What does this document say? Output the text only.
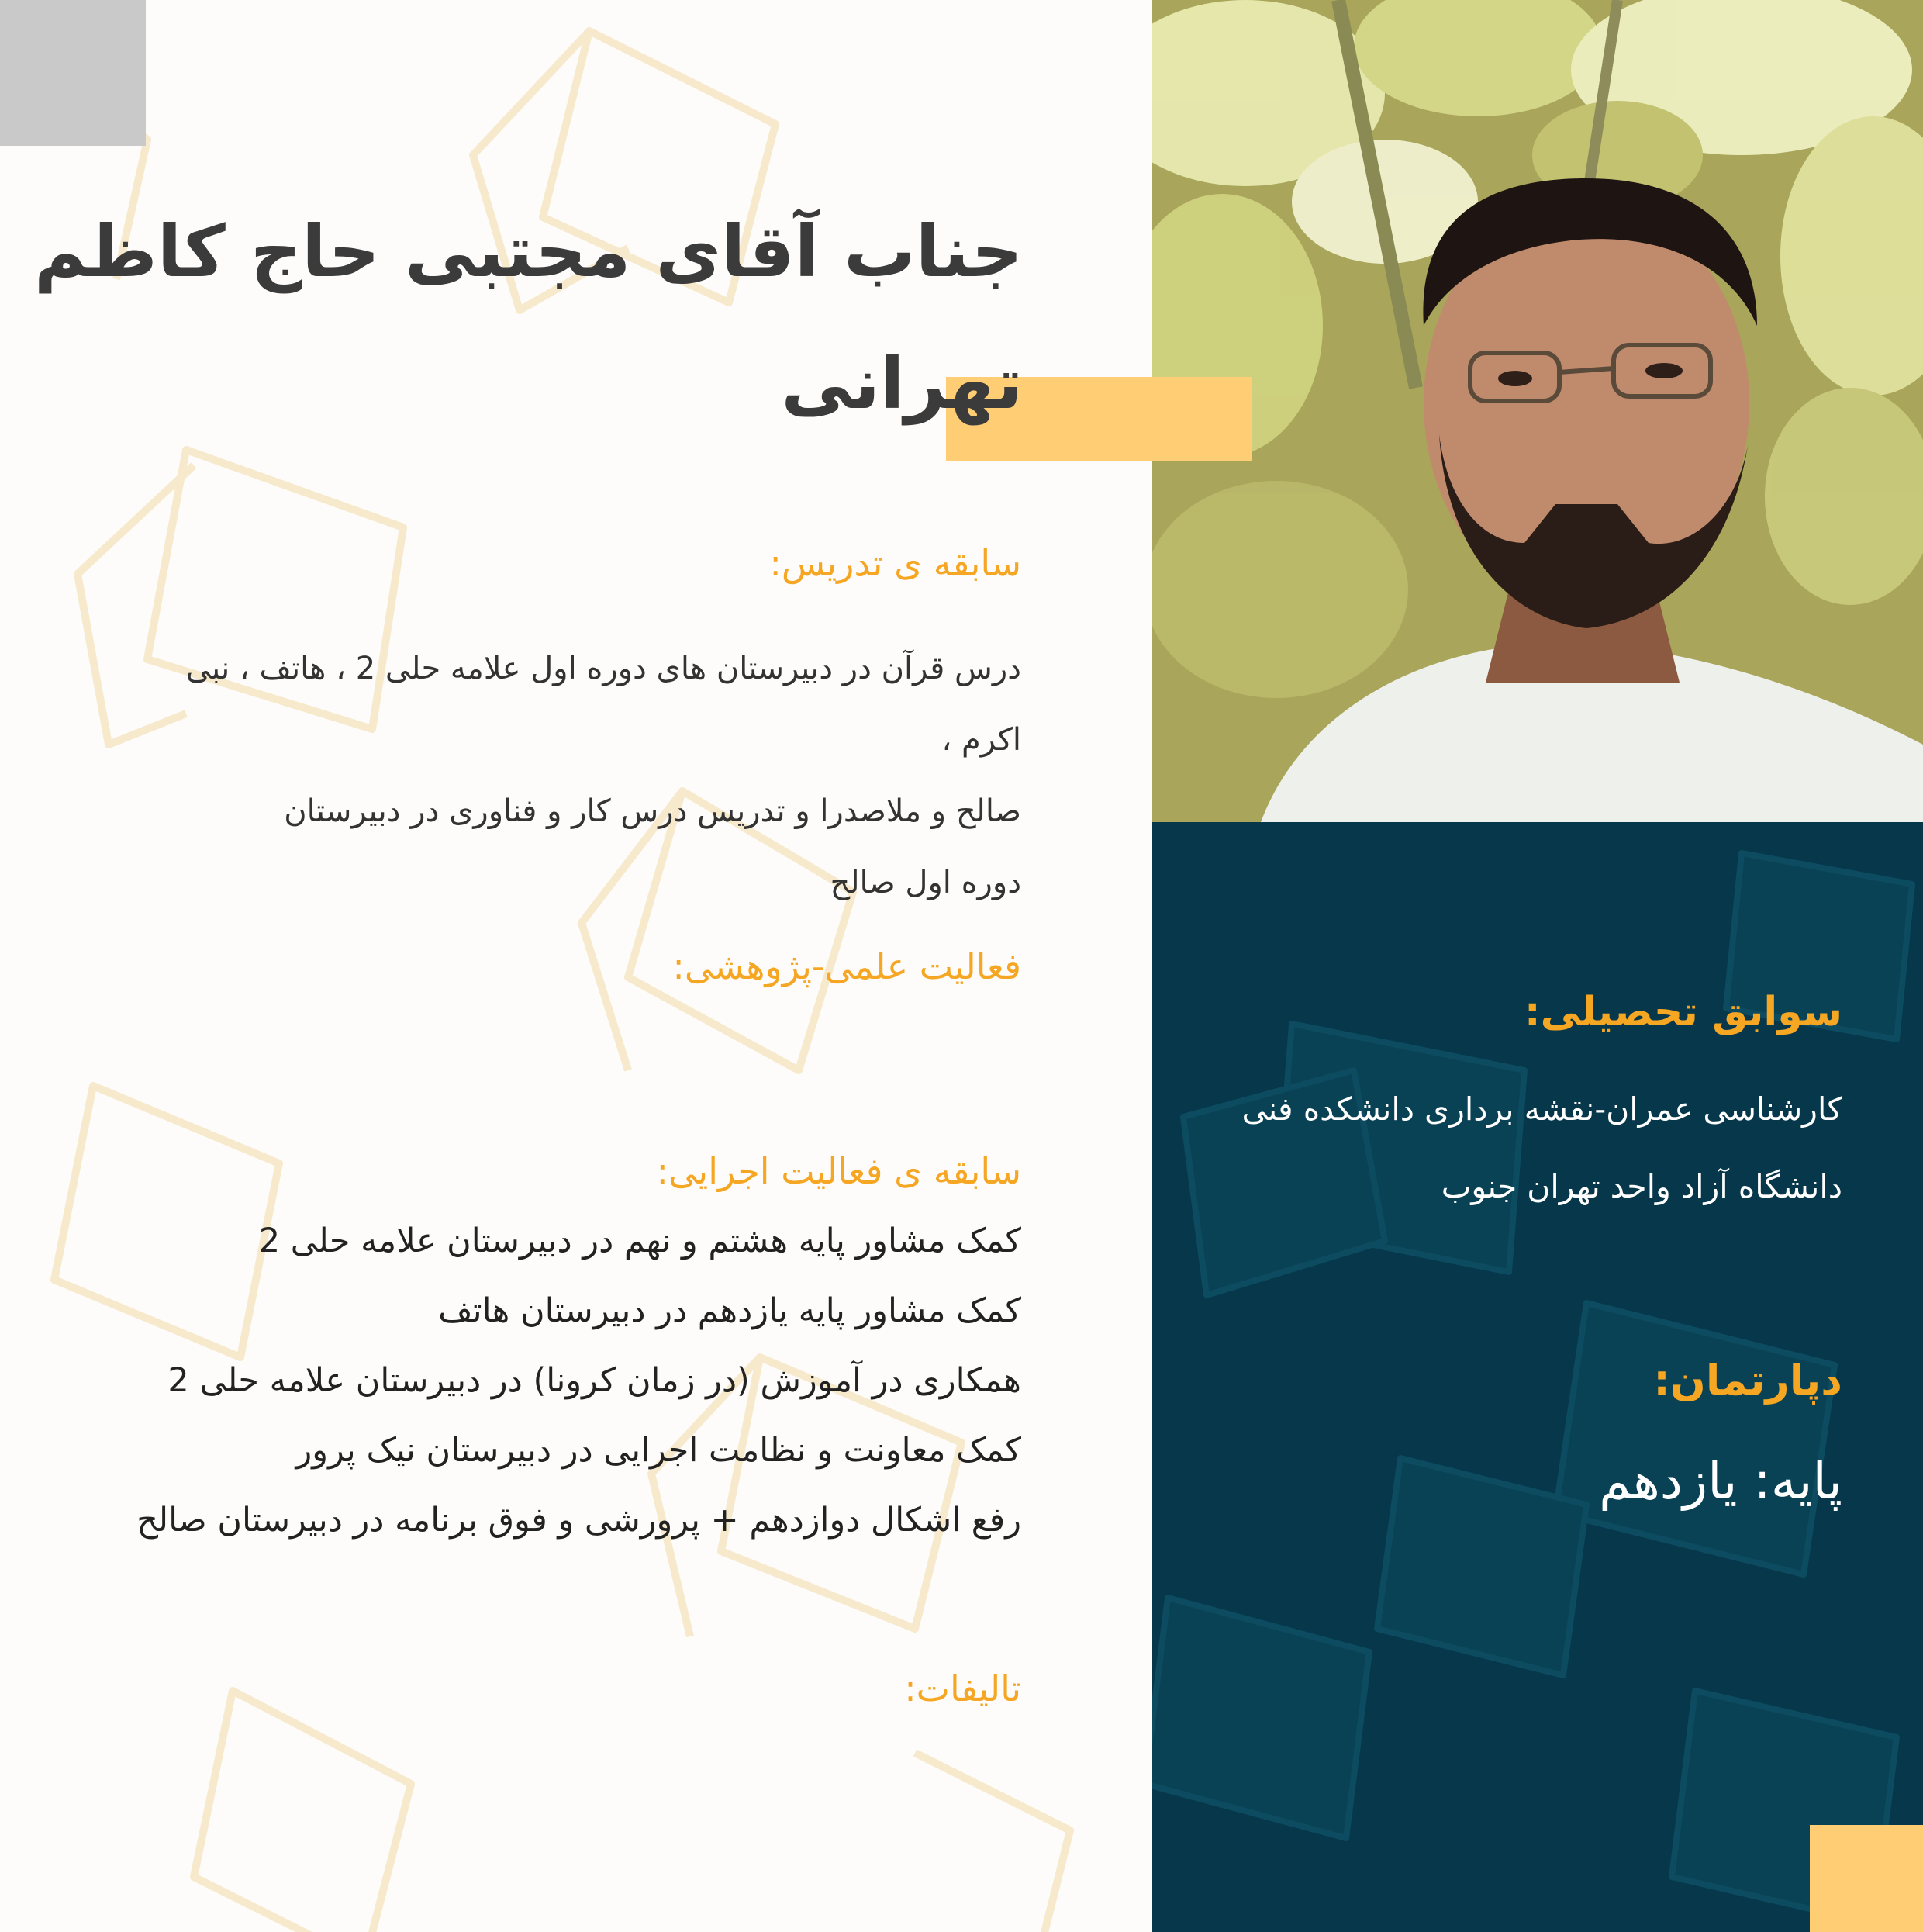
جناب آقای مجتبی حاج کاظم تهرانی
سابقه ی تدریس:
درس قرآن در دبیرستان های دوره اول علامه حلی 2 ، هاتف ، نبی اکرم ،
صالح و ملاصدرا و تدریس درس کار و فناوری در دبیرستان
دوره اول صالح
فعالیت علمی-پژوهشی:
سابقه ی فعالیت اجرایی:
کمک مشاور پایه هشتم و نهم در دبیرستان علامه حلی 2
کمک مشاور پایه یازدهم در دبیرستان هاتف
همکاری در آموزش (در زمان کرونا) در دبیرستان علامه حلی 2
کمک معاونت و نظامت اجرایی در دبیرستان نیک پرور
رفع اشکال دوازدهم + پرورشی و فوق برنامه در دبیرستان صالح
تالیفات:
سوابق تحصیلی:
کارشناسی عمران-نقشه برداری دانشکده فنی
دانشگاه آزاد واحد تهران جنوب
دپارتمان:
پایه: یازدهم
